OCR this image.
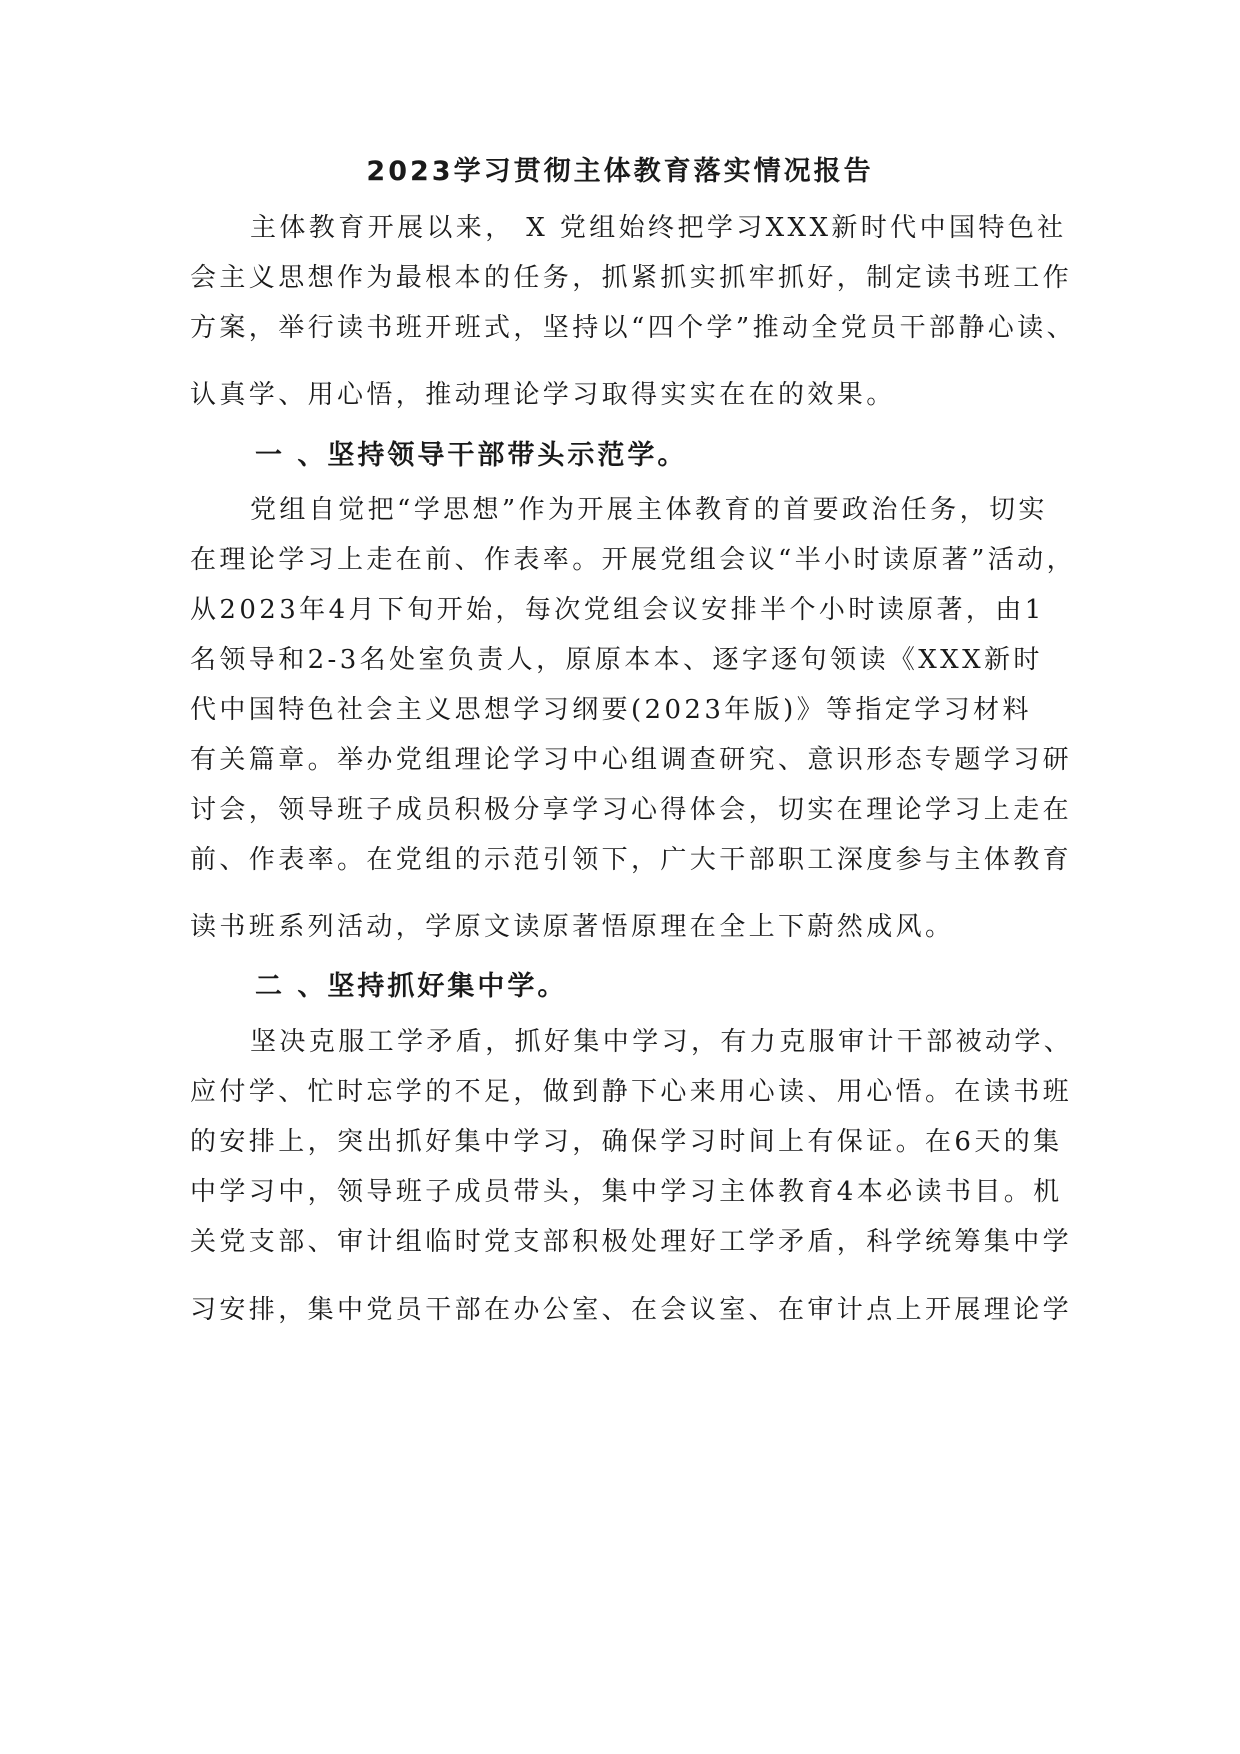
2023学习贯彻主体教育落实情况报告
主体教育开展以来， X 党组始终把学习XXX新时代中国特色社
会主义思想作为最根本的任务，抓紧抓实抓牢抓好，制定读书班工作
方案，举行读书班开班式，坚持以“四个学”推动全党员干部静心读、
认真学、用心悟，推动理论学习取得实实在在的效果。
一 、坚持领导干部带头示范学。
党组自觉把“学思想”作为开展主体教育的首要政治任务，切实
在理论学习上走在前、作表率。开展党组会议“半小时读原著”活动，
从2023年4月下旬开始，每次党组会议安排半个小时读原著，由1
名领导和2-3名处室负责人，原原本本、逐字逐句领读《XXX新时
代中国特色社会主义思想学习纲要(2023年版)》等指定学习材料
有关篇章。举办党组理论学习中心组调查研究、意识形态专题学习研
讨会，领导班子成员积极分享学习心得体会，切实在理论学习上走在
前、作表率。在党组的示范引领下，广大干部职工深度参与主体教育
读书班系列活动，学原文读原著悟原理在全上下蔚然成风。
二 、坚持抓好集中学。
坚决克服工学矛盾，抓好集中学习，有力克服审计干部被动学、
应付学、忙时忘学的不足，做到静下心来用心读、用心悟。在读书班
的安排上，突出抓好集中学习，确保学习时间上有保证。在6天的集
中学习中，领导班子成员带头，集中学习主体教育4本必读书目。机
关党支部、审计组临时党支部积极处理好工学矛盾，科学统筹集中学
习安排，集中党员干部在办公室、在会议室、在审计点上开展理论学
